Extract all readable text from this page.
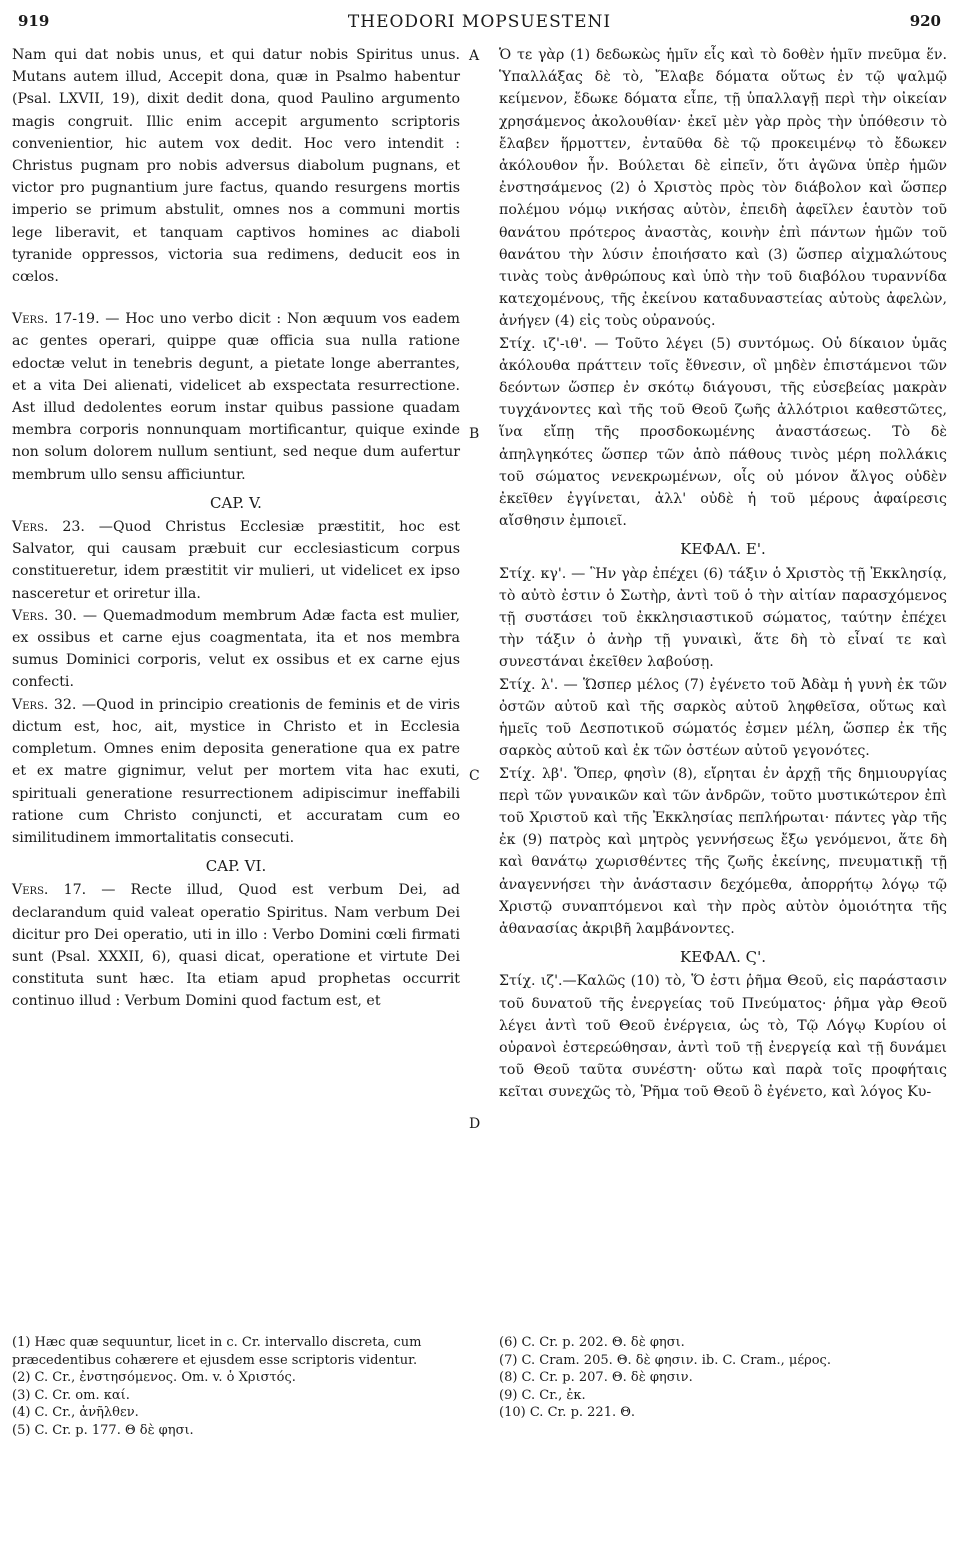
919	THEODORI MOPSUESTENI	920

Nam qui dat nobis unus, et qui datur nobis Spiritus unus. Mutans autem illud, Accepit dona, quæ in Psalmo habentur (Psal. LXVII, 19), dixit dedit dona, quod Paulino argumento magis congruit. Illic enim accepit argumento scriptoris convenientior, hic autem vox dedit. Hoc vero intendit : Christus pugnam pro nobis adversus diabolum pugnans, et victor pro pugnantium jure factus, quando resurgens mortis imperio se primum abstulit, omnes nos a communi mortis lege liberavit, et tanquam captivos homines ac diaboli tyranide oppressos, victoria sua redimens, deducit eos in cœlos.

Vers. 17-19. — Hoc uno verbo dicit : Non æquum vos eadem ac gentes operari, quippe quæ officia sua nulla ratione edoctæ velut in tenebris degunt, a pietate longe aberrantes, et a vita Dei alienati, videlicet ab exspectata resurrectione. Ast illud dedolentes eorum instar quibus passione quadam membra corporis nonnunquam mortificantur, quique exinde non solum dolorem nullum sentiunt, sed neque dum aufertur membrum ullo sensu afficiuntur.

CAP. V.

Vers. 23. —Quod Christus Ecclesiæ præstitit, hoc est Salvator, qui causam præbuit cur ecclesiasticum corpus constitueretur, idem præstitit vir mulieri, ut videlicet ex ipso nasceretur et oriretur illa.

Vers. 30. — Quemadmodum membrum Adæ facta est mulier, ex ossibus et carne ejus coagmentata, ita et nos membra sumus Dominici corporis, velut ex ossibus et ex carne ejus confecti.

Vers. 32. —Quod in principio creationis de feminis et de viris dictum est, hoc, ait, mystice in Christo et in Ecclesia completum. Omnes enim deposita generatione qua ex patre et ex matre gignimur, velut per mortem vita hac exuti, spirituali generatione resurrectionem adipiscimur ineffabili ratione cum Christo conjuncti, et accuratam cum eo similitudinem immortalitatis consecuti.

CAP. VI.

Vers. 17. — Recte illud, Quod est verbum Dei, ad declarandum quid valeat operatio Spiritus. Nam verbum Dei dicitur pro Dei operatio, uti in illo : Verbo Domini cœli firmati sunt (Psal. XXXII, 6), quasi dicat, operatione et virtute Dei constituta sunt hæc. Ita etiam apud prophetas occurrit continuo illud : Verbum Domini quod factum est, et

Ὁ τε γὰρ (1) δεδωκὼς ἡμῖν εἷς καὶ τὸ δοθὲν ἡμῖν πνεῦμα ἕν. Ὑπαλλάξας δὲ τὸ, Ἔλαβε δόματα οὕτως ἐν τῷ ψαλμῷ κείμενον, ἔδωκε δόματα εἶπε, τῇ ὑπαλλαγῇ περὶ τὴν οἰκείαν χρησάμενος ἀκολουθίαν· ἐκεῖ μὲν γὰρ πρὸς τὴν ὑπόθεσιν τὸ ἔλαβεν ἥρμοττεν, ἐνταῦθα δὲ τῷ προκειμένῳ τὸ ἔδωκεν ἀκόλουθον ἦν. Βούλεται δὲ εἰπεῖν, ὅτι ἀγῶνα ὑπὲρ ἡμῶν ἐνστησάμενος (2) ὁ Χριστὸς πρὸς τὸν διάβολον καὶ ὥσπερ πολέμου νόμῳ νικήσας αὐτὸν, ἐπειδὴ ἀφεῖλεν ἑαυτὸν τοῦ θανάτου πρότερος ἀναστὰς, κοινὴν ἐπὶ πάντων ἡμῶν τοῦ θανάτου τὴν λύσιν ἐποιήσατο καὶ (3) ὥσπερ αἰχμαλώτους τινὰς τοὺς ἀνθρώπους καὶ ὑπὸ τὴν τοῦ διαβόλου τυραννίδα κατεχομένους, τῆς ἐκείνου καταδυναστείας αὐτοὺς ἀφελὼν, ἀνήγεν (4) εἰς τοὺς οὐρανούς.

Στίχ. ιζ'-ιθ'. — Τοῦτο λέγει (5) συντόμως. Οὐ δίκαιον ὑμᾶς ἀκόλουθα πράττειν τοῖς ἔθνεσιν, οἳ μηδὲν ἐπιστάμενοι τῶν δεόντων ὥσπερ ἐν σκότῳ διάγουσι, τῆς εὐσεβείας μακρὰν τυγχάνοντες καὶ τῆς τοῦ Θεοῦ ζωῆς ἀλλότριοι καθεστῶτες, ἵνα εἴπῃ τῆς προσδοκωμένης ἀναστάσεως. Τὸ δὲ ἀπηλγηκότες ὥσπερ τῶν ἀπὸ πάθους τινὸς μέρη πολλάκις τοῦ σώματος νενεκρωμένων, οἷς οὐ μόνον ἄλγος οὐδὲν ἐκεῖθεν ἐγγίνεται, ἀλλ' οὐδὲ ἡ τοῦ μέρους ἀφαίρεσις αἴσθησιν ἐμποιεῖ.

ΚΕΦΑΛ. Ε'.

Στίχ. κγ'. — Ἣν γὰρ ἐπέχει (6) τάξιν ὁ Χριστὸς τῇ Ἐκκλησίᾳ, τὸ αὐτὸ ἐστιν ὁ Σωτὴρ, ἀντὶ τοῦ ὁ τὴν αἰτίαν παρασχόμενος τῇ συστάσει τοῦ ἐκκλησιαστικοῦ σώματος, ταύτην ἐπέχει τὴν τάξιν ὁ ἀνὴρ τῇ γυναικὶ, ἅτε δὴ τὸ εἶναί τε καὶ συνεστάναι ἐκεῖθεν λαβούσῃ.

Στίχ. λ'. — Ὥσπερ μέλος (7) ἐγένετο τοῦ Ἀδὰμ ἡ γυνὴ ἐκ τῶν ὀστῶν αὐτοῦ καὶ τῆς σαρκὸς αὐτοῦ ληφθεῖσα, οὕτως καὶ ἡμεῖς τοῦ Δεσποτικοῦ σώματός ἐσμεν μέλη, ὥσπερ ἐκ τῆς σαρκὸς αὐτοῦ καὶ ἐκ τῶν ὀστέων αὐτοῦ γεγονότες.

Στίχ. λβ'. Ὅπερ, φησὶν (8), εἴρηται ἐν ἀρχῇ τῆς δημιουργίας περὶ τῶν γυναικῶν καὶ τῶν ἀνδρῶν, τοῦτο μυστικώτερον ἐπὶ τοῦ Χριστοῦ καὶ τῆς Ἐκκλησίας πεπλήρωται· πάντες γὰρ τῆς ἐκ (9) πατρὸς καὶ μητρὸς γεννήσεως ἔξω γενόμενοι, ἅτε δὴ καὶ θανάτῳ χωρισθέντες τῆς ζωῆς ἐκείνης, πνευματικῇ τῇ ἀναγεννήσει τὴν ἀνάστασιν δεχόμεθα, ἀπορρήτῳ λόγῳ τῷ Χριστῷ συναπτόμενοι καὶ τὴν πρὸς αὐτὸν ὁμοιότητα τῆς ἀθανασίας ἀκριβῆ λαμβάνοντες.

ΚΕΦΑΛ. Ϛ'.

Στίχ. ιζ'.—Καλῶς (10) τὸ, Ὅ ἐστι ῥῆμα Θεοῦ, εἰς παράστασιν τοῦ δυνατοῦ τῆς ἐνεργείας τοῦ Πνεύματος· ῥῆμα γὰρ Θεοῦ λέγει ἀντὶ τοῦ Θεοῦ ἐνέργεια, ὡς τὸ, Τῷ Λόγῳ Κυρίου οἱ οὐρανοὶ ἐστερεώθησαν, ἀντὶ τοῦ τῇ ἐνεργείᾳ καὶ τῇ δυνάμει τοῦ Θεοῦ ταῦτα συνέστη· οὕτω καὶ παρὰ τοῖς προφήταις κεῖται συνεχῶς τὸ, Ῥῆμα τοῦ Θεοῦ ὃ ἐγένετο, καὶ λόγος Κυ-

A
B
C
D

(1) Hæc quæ sequuntur, licet in c. Cr. intervallo discreta, cum præcedentibus cohærere et ejusdem esse scriptoris videntur.

(2) C. Cr., ἐνστησόμενος. Om. v. ὁ Χριστός.

(3) C. Cr. om. καί.

(4) C. Cr., ἀνῆλθεν.

(5) C. Cr. p. 177. Θ δὲ φησι.

(6) C. Cr. p. 202. Θ. δὲ φησι.

(7) C. Cram. 205. Θ. δὲ φησιν. ib. C. Cram., μέρος.

(8) C. Cr. p. 207. Θ. δὲ φησιν.

(9) C. Cr., ἐκ.

(10) C. Cr. p. 221. Θ.
